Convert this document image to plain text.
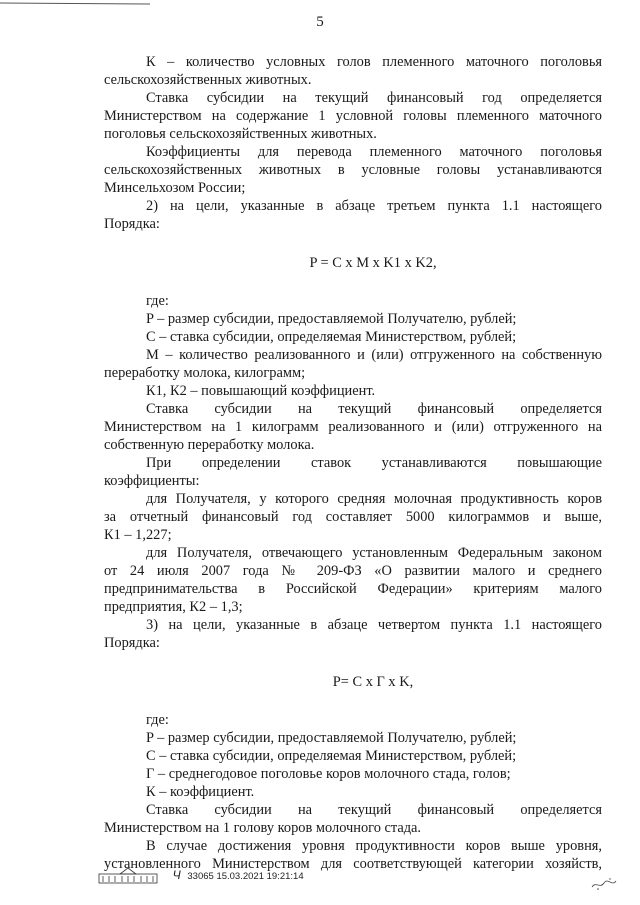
5

К – количество условных голов племенного маточного поголовья

сельскохозяйственных животных.

Ставка субсидии на текущий финансовый год определяется

Министерством на содержание 1 условной головы племенного маточного

поголовья сельскохозяйственных животных.

Коэффициенты для перевода племенного маточного поголовья

сельскохозяйственных животных в условные головы устанавливаются

Минсельхозом России;

2) на цели, указанные в абзаце третьем пункта 1.1 настоящего

Порядка:

P = C x M x K1 x K2,

где:

P – размер субсидии, предоставляемой Получателю, рублей;

C – ставка субсидии, определяемая Министерством, рублей;

М – количество реализованного и (или) отгруженного на собственную

переработку молока, килограмм;

К1, К2 – повышающий коэффициент.

Ставка субсидии на текущий финансовый определяется

Министерством на 1 килограмм реализованного и (или) отгруженного на

собственную переработку молока.

При определении ставок устанавливаются повышающие

коэффициенты:

для Получателя, у которого средняя молочная продуктивность коров

за отчетный финансовый год составляет 5000 килограммов и выше,

К1 – 1,227;

для Получателя, отвечающего установленным Федеральным законом

от 24 июля 2007 года № 209-ФЗ «О развитии малого и среднего

предпринимательства в Российской Федерации» критериям малого

предприятия, К2 – 1,3;

3) на цели, указанные в абзаце четвертом пункта 1.1 настоящего

Порядка:

P= C x Г x K,

где:

P – размер субсидии, предоставляемой Получателю, рублей;

С – ставка субсидии, определяемая Министерством, рублей;

Г – среднегодовое поголовье коров молочного стада, голов;

К – коэффициент.

Ставка субсидии на текущий финансовый определяется

Министерством на 1 голову коров молочного стада.

В случае достижения уровня продуктивности коров выше уровня,

установленного Министерством для соответствующей категории хозяйств,

Ч 33065 15.03.2021 19:21:14
